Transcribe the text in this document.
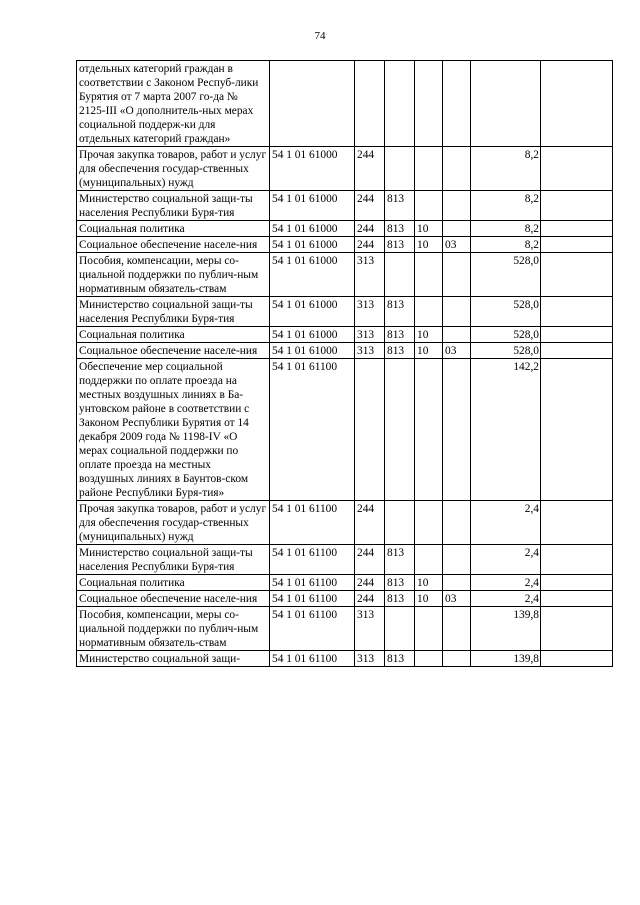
74
отдельных категорий граждан в соответствии с Законом Респуб-лики Бурятия от 7 марта 2007 го-да № 2125-III «О дополнитель-ных мерах социальной поддерж-ки для отдельных категорий граждан»							
Прочая закупка товаров, работ и услуг для обеспечения государ-ственных (муниципальных) нужд	54 1 01 61000	244				8,2	
Министерство социальной защи-ты населения Республики Буря-тия	54 1 01 61000	244	813			8,2	
Социальная политика	54 1 01 61000	244	813	10		8,2	
Социальное обеспечение населе-ния	54 1 01 61000	244	813	10	03	8,2	
Пособия, компенсации, меры со-циальной поддержки по публич-ным нормативным обязатель-ствам	54 1 01 61000	313				528,0	
Министерство социальной защи-ты населения Республики Буря-тия	54 1 01 61000	313	813			528,0	
Социальная политика	54 1 01 61000	313	813	10		528,0	
Социальное обеспечение населе-ния	54 1 01 61000	313	813	10	03	528,0	
Обеспечение мер социальной поддержки по оплате проезда на местных воздушных линиях в Ба-унтовском районе в соответствии с Законом Республики Бурятия от 14 декабря 2009 года № 1198-IV «О мерах социальной поддержки по оплате проезда на местных воздушных линиях в Баунтов-ском районе Республики Буря-тия»	54 1 01 61100					142,2	
Прочая закупка товаров, работ и услуг для обеспечения государ-ственных (муниципальных) нужд	54 1 01 61100	244				2,4	
Министерство социальной защи-ты населения Республики Буря-тия	54 1 01 61100	244	813			2,4	
Социальная политика	54 1 01 61100	244	813	10		2,4	
Социальное обеспечение населе-ния	54 1 01 61100	244	813	10	03	2,4	
Пособия, компенсации, меры со-циальной поддержки по публич-ным нормативным обязатель-ствам	54 1 01 61100	313				139,8	
Министерство социальной защи-	54 1 01 61100	313	813			139,8	
